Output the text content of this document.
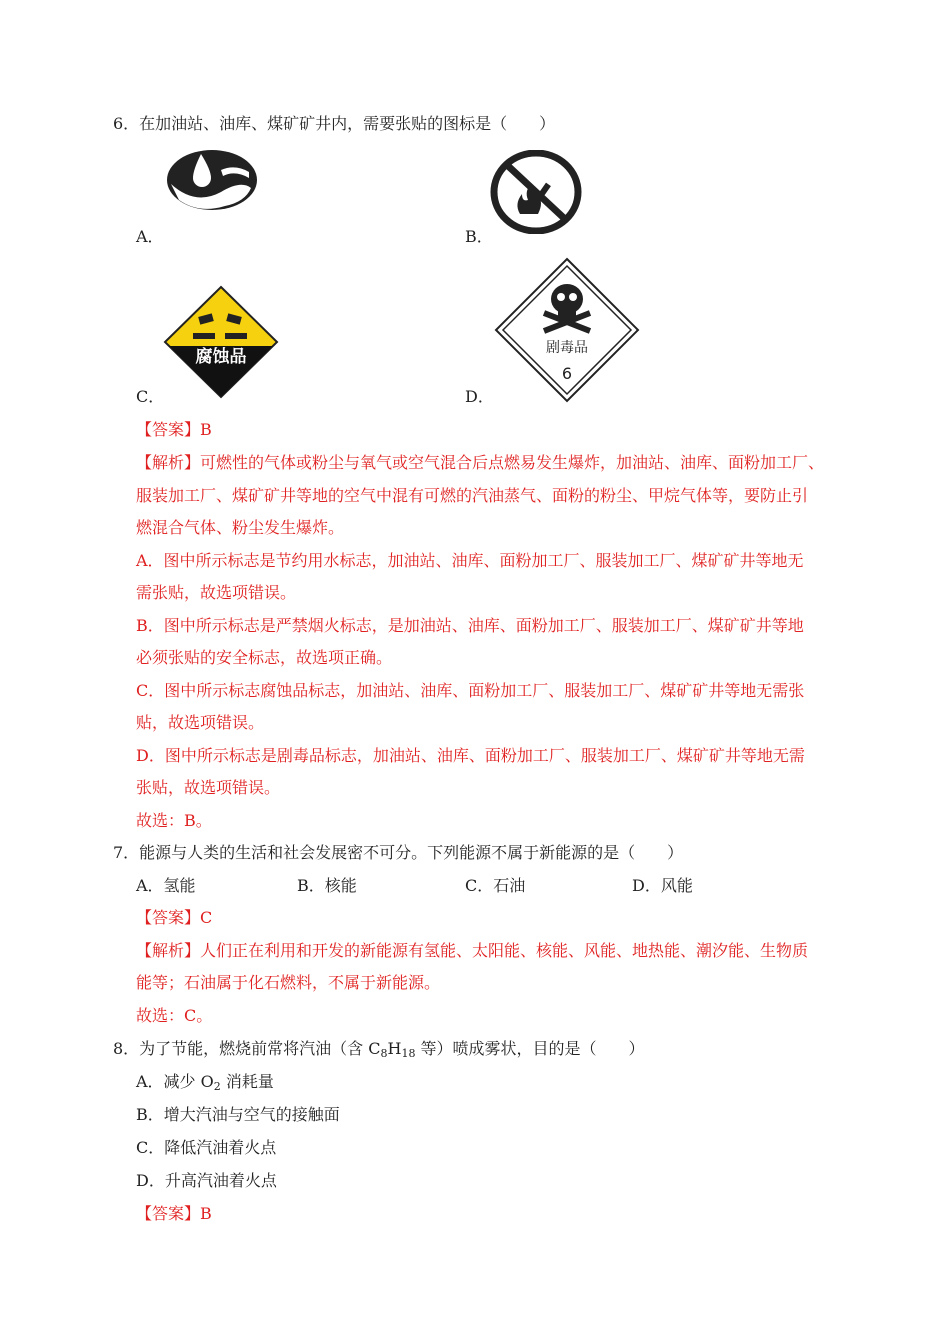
6．在加油站、油库、煤矿矿井内，需要张贴的图标是（　　）
A．	B．
C．
腐蚀品
D．
剧毒品
6
【答案】B
【解析】可燃性的气体或粉尘与氧气或空气混合后点燃易发生爆炸，加油站、油库、面粉加工厂、
服装加工厂、煤矿矿井等地的空气中混有可燃的汽油蒸气、面粉的粉尘、甲烷气体等，要防止引
燃混合气体、粉尘发生爆炸。
A．图中所示标志是节约用水标志，加油站、油库、面粉加工厂、服装加工厂、煤矿矿井等地无
需张贴，故选项错误。
B．图中所示标志是严禁烟火标志，是加油站、油库、面粉加工厂、服装加工厂、煤矿矿井等地
必须张贴的安全标志，故选项正确。
C．图中所示标志腐蚀品标志，加油站、油库、面粉加工厂、服装加工厂、煤矿矿井等地无需张
贴，故选项错误。
D．图中所示标志是剧毒品标志，加油站、油库、面粉加工厂、服装加工厂、煤矿矿井等地无需
张贴，故选项错误。
故选：B。
7．能源与人类的生活和社会发展密不可分。下列能源不属于新能源的是（　　）
A．氢能	B．核能	C．石油	D．风能
【答案】C
【解析】人们正在利用和开发的新能源有氢能、太阳能、核能、风能、地热能、潮汐能、生物质
能等；石油属于化石燃料，不属于新能源。
故选：C。
8．为了节能，燃烧前常将汽油（含 $C_8H_{18}$ 等）喷成雾状，目的是（　　）
A．减少 $O_2$ 消耗量
B．增大汽油与空气的接触面
C．降低汽油着火点
D．升高汽油着火点
【答案】B
